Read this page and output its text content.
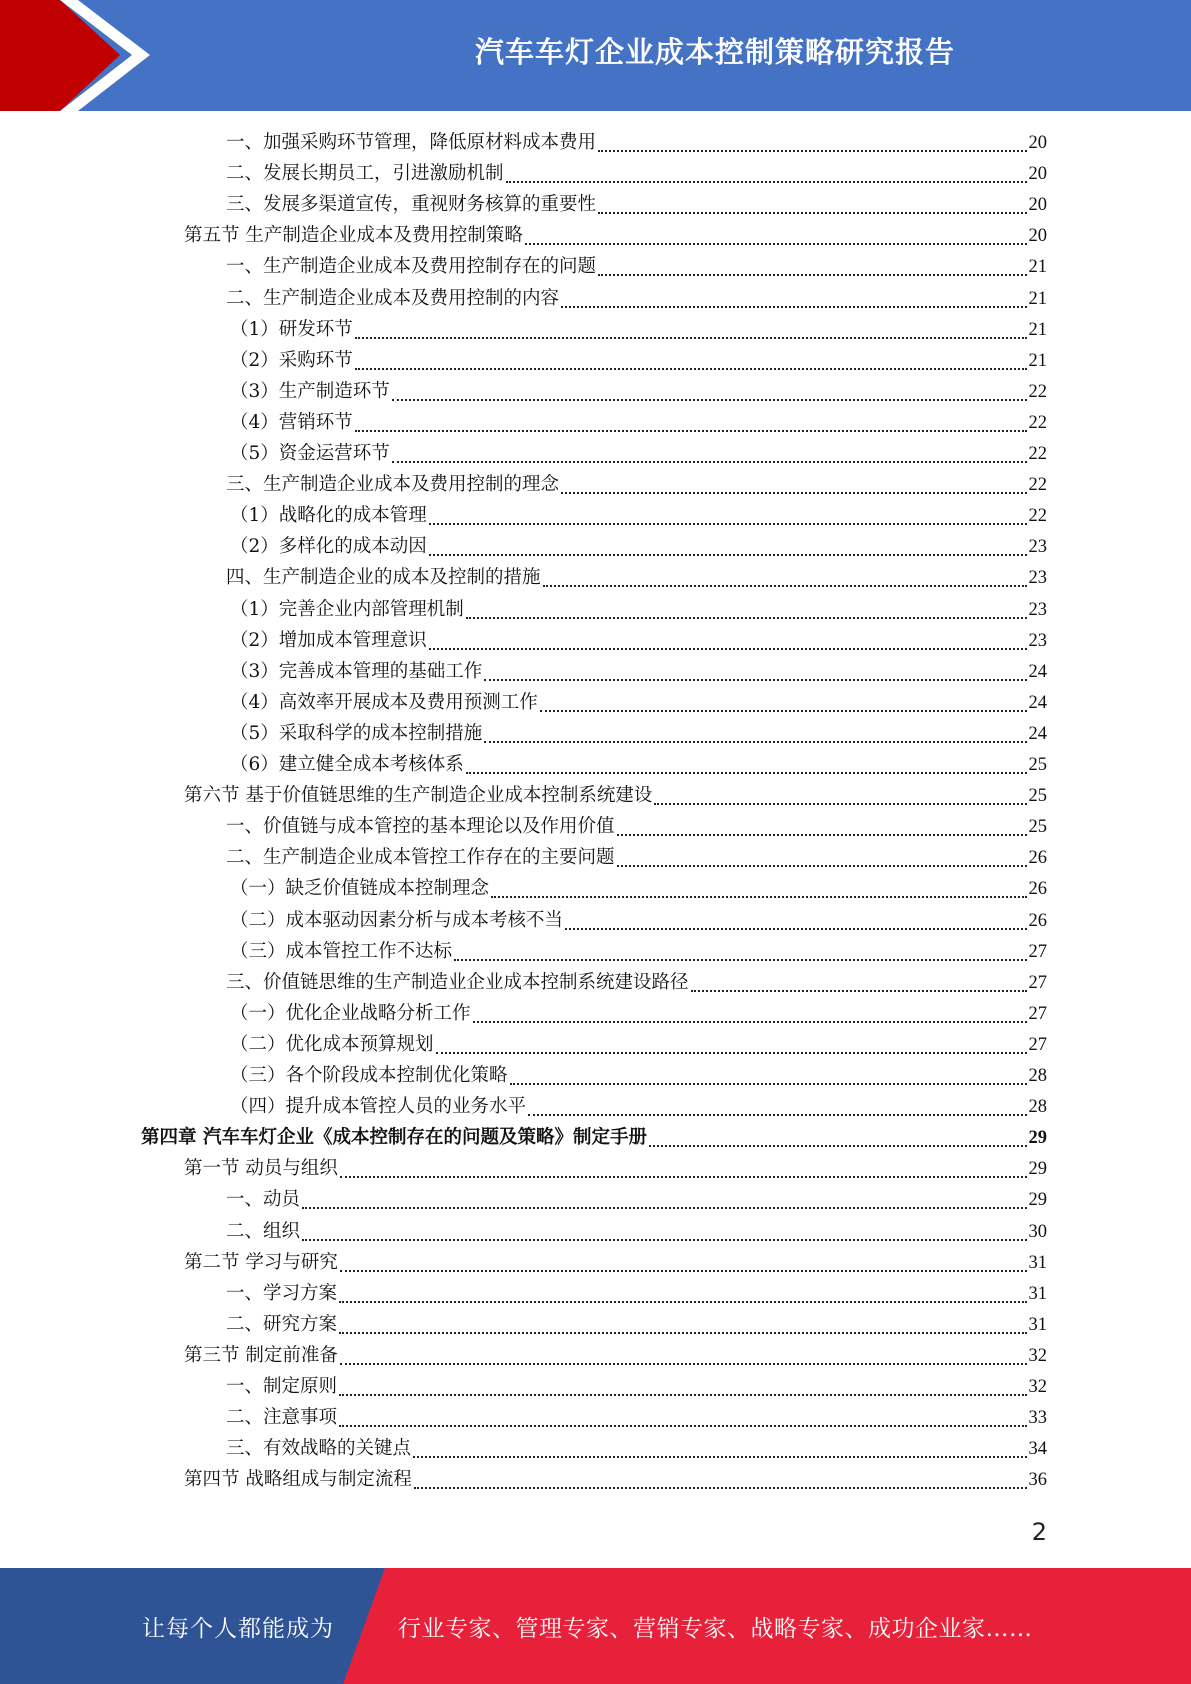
汽车车灯企业成本控制策略研究报告
一、加强采购环节管理，降低原材料成本费用	20
二、发展长期员工，引进激励机制	20
三、发展多渠道宣传，重视财务核算的重要性	20
第五节 生产制造企业成本及费用控制策略	20
一、生产制造企业成本及费用控制存在的问题	21
二、生产制造企业成本及费用控制的内容	21
（1）研发环节	21
（2）采购环节	21
（3）生产制造环节	22
（4）营销环节	22
（5）资金运营环节	22
三、生产制造企业成本及费用控制的理念	22
（1）战略化的成本管理	22
（2）多样化的成本动因	23
四、生产制造企业的成本及控制的措施	23
（1）完善企业内部管理机制	23
（2）增加成本管理意识	23
（3）完善成本管理的基础工作	24
（4）高效率开展成本及费用预测工作	24
（5）采取科学的成本控制措施	24
（6）建立健全成本考核体系	25
第六节 基于价值链思维的生产制造企业成本控制系统建设	25
一、价值链与成本管控的基本理论以及作用价值	25
二、生产制造企业成本管控工作存在的主要问题	26
（一）缺乏价值链成本控制理念	26
（二）成本驱动因素分析与成本考核不当	26
（三）成本管控工作不达标	27
三、价值链思维的生产制造业企业成本控制系统建设路径	27
（一）优化企业战略分析工作	27
（二）优化成本预算规划	27
（三）各个阶段成本控制优化策略	28
（四）提升成本管控人员的业务水平	28
第四章 汽车车灯企业《成本控制存在的问题及策略》制定手册	29
第一节 动员与组织	29
一、动员	29
二、组织	30
第二节 学习与研究	31
一、学习方案	31
二、研究方案	31
第三节 制定前准备	32
一、制定原则	32
二、注意事项	33
三、有效战略的关键点	34
第四节 战略组成与制定流程	36
2
让每个人都能成为	行业专家、管理专家、营销专家、战略专家、成功企业家……
